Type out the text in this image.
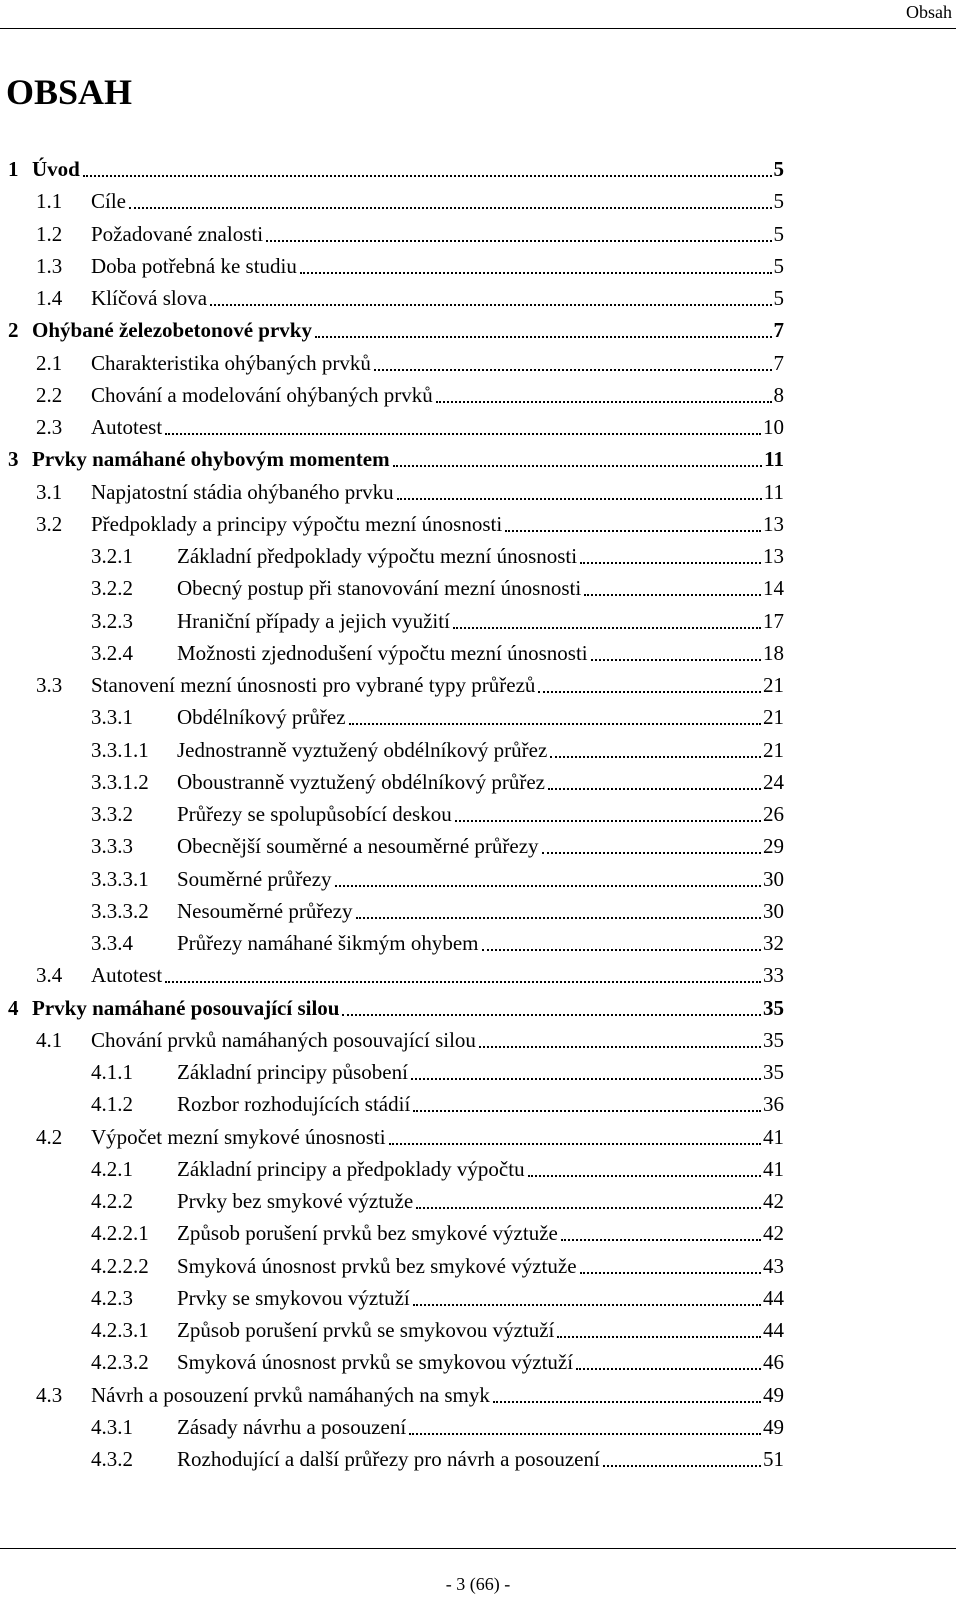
Obsah
OBSAH
1 Úvod	5
1.1	Cíle	5
1.2	Požadované znalosti	5
1.3	Doba potřebná ke studiu	5
1.4	Klíčová slova	5
2 Ohýbané železobetonové prvky	7
2.1	Charakteristika ohýbaných prvků	7
2.2	Chování a modelování ohýbaných prvků	8
2.3	Autotest	10
3 Prvky namáhané ohybovým momentem	11
3.1	Napjatostní stádia ohýbaného prvku	11
3.2	Předpoklady a principy výpočtu mezní únosnosti	13
3.2.1	Základní předpoklady výpočtu mezní únosnosti	13
3.2.2	Obecný postup při stanovování mezní únosnosti	14
3.2.3	Hraniční případy a jejich využití	17
3.2.4	Možnosti zjednodušení výpočtu mezní únosnosti	18
3.3	Stanovení mezní únosnosti pro vybrané typy průřezů	21
3.3.1	Obdélníkový průřez	21
3.3.1.1	Jednostranně vyztužený obdélníkový průřez	21
3.3.1.2	Oboustranně vyztužený obdélníkový průřez	24
3.3.2	Průřezy se spolupůsobící deskou	26
3.3.3	Obecnější souměrné a nesouměrné průřezy	29
3.3.3.1	Souměrné průřezy	30
3.3.3.2	Nesouměrné průřezy	30
3.3.4	Průřezy namáhané šikmým ohybem	32
3.4	Autotest	33
4 Prvky namáhané posouvající silou	35
4.1	Chování prvků namáhaných posouvající silou	35
4.1.1	Základní principy působení	35
4.1.2	Rozbor rozhodujících stádií	36
4.2	Výpočet mezní smykové únosnosti	41
4.2.1	Základní principy a předpoklady výpočtu	41
4.2.2	Prvky bez smykové výztuže	42
4.2.2.1	Způsob porušení prvků bez smykové výztuže	42
4.2.2.2	Smyková únosnost prvků bez smykové výztuže	43
4.2.3	Prvky se smykovou výztuží	44
4.2.3.1	Způsob porušení prvků se smykovou výztuží	44
4.2.3.2	Smyková únosnost prvků se smykovou výztuží	46
4.3	Návrh a posouzení prvků namáhaných na smyk	49
4.3.1	Zásady návrhu a posouzení	49
4.3.2	Rozhodující a další průřezy pro návrh a posouzení	51
- 3 (66) -
